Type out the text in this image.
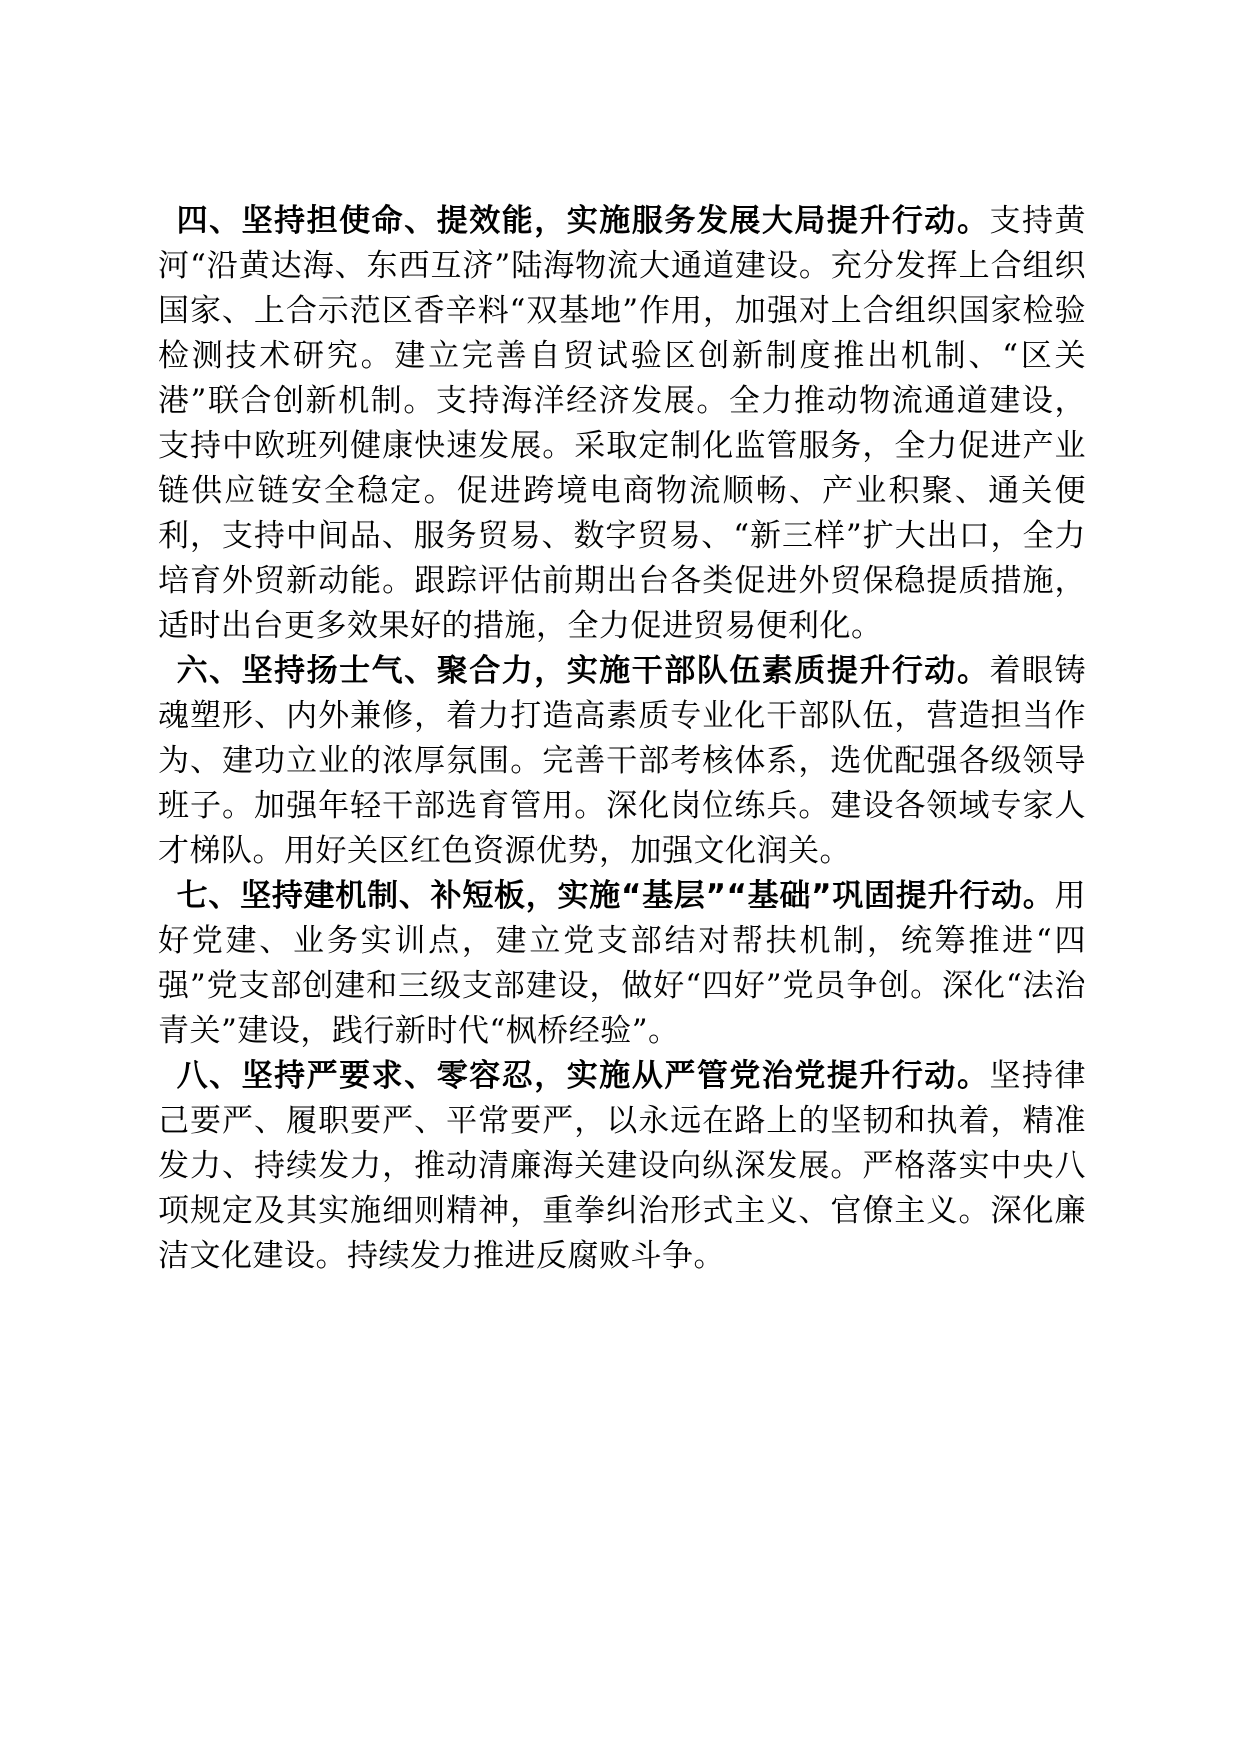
四、坚持担使命、提效能，实施服务发展大局提升行动。支持黄河“沿黄达海、东西互济”陆海物流大通道建设。充分发挥上合组织国家、上合示范区香辛料“双基地”作用，加强对上合组织国家检验检测技术研究。建立完善自贸试验区创新制度推出机制、“区关港”联合创新机制。支持海洋经济发展。全力推动物流通道建设，支持中欧班列健康快速发展。采取定制化监管服务，全力促进产业链供应链安全稳定。促进跨境电商物流顺畅、产业积聚、通关便利，支持中间品、服务贸易、数字贸易、“新三样”扩大出口，全力培育外贸新动能。跟踪评估前期出台各类促进外贸保稳提质措施，适时出台更多效果好的措施，全力促进贸易便利化。

六、坚持扬士气、聚合力，实施干部队伍素质提升行动。着眼铸魂塑形、内外兼修，着力打造高素质专业化干部队伍，营造担当作为、建功立业的浓厚氛围。完善干部考核体系，选优配强各级领导班子。加强年轻干部选育管用。深化岗位练兵。建设各领域专家人才梯队。用好关区红色资源优势，加强文化润关。

七、坚持建机制、补短板，实施“基层”“基础”巩固提升行动。用好党建、业务实训点，建立党支部结对帮扶机制，统筹推进“四强”党支部创建和三级支部建设，做好“四好”党员争创。深化“法治青关”建设，践行新时代“枫桥经验”。

八、坚持严要求、零容忍，实施从严管党治党提升行动。坚持律己要严、履职要严、平常要严，以永远在路上的坚韧和执着，精准发力、持续发力，推动清廉海关建设向纵深发展。严格落实中央八项规定及其实施细则精神，重拳纠治形式主义、官僚主义。深化廉洁文化建设。持续发力推进反腐败斗争。
